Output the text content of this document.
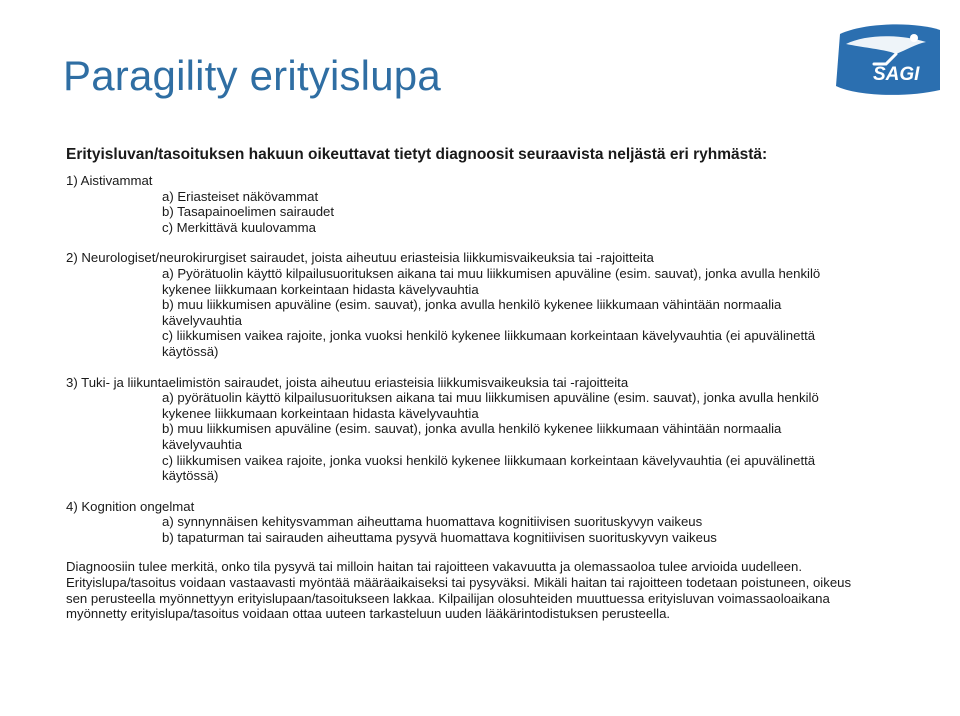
Paragility erityislupa	SAGI
Erityisluvan/tasoituksen hakuun oikeuttavat tietyt diagnoosit seuraavista neljästä eri ryhmästä:
1) Aistivammat
a) Eriasteiset näkövammat
b) Tasapainoelimen sairaudet
c) Merkittävä kuulovamma
2) Neurologiset/neurokirurgiset sairaudet, joista aiheutuu eriasteisia liikkumisvaikeuksia tai -rajoitteita
a) Pyörätuolin käyttö kilpailusuorituksen aikana tai muu liikkumisen apuväline (esim. sauvat), jonka avulla henkilö kykenee liikkumaan korkeintaan hidasta kävelyvauhtia
b) muu liikkumisen apuväline (esim. sauvat), jonka avulla henkilö kykenee liikkumaan vähintään normaalia kävelyvauhtia
c) liikkumisen vaikea rajoite, jonka vuoksi henkilö kykenee liikkumaan korkeintaan kävelyvauhtia (ei apuvälinettä käytössä)
3) Tuki- ja liikuntaelimistön sairaudet, joista aiheutuu eriasteisia liikkumisvaikeuksia tai -rajoitteita
a) pyörätuolin käyttö kilpailusuorituksen aikana tai muu liikkumisen apuväline (esim. sauvat), jonka avulla henkilö kykenee liikkumaan korkeintaan hidasta kävelyvauhtia
b) muu liikkumisen apuväline (esim. sauvat), jonka avulla henkilö kykenee liikkumaan vähintään normaalia kävelyvauhtia
c) liikkumisen vaikea rajoite, jonka vuoksi henkilö kykenee liikkumaan korkeintaan kävelyvauhtia (ei apuvälinettä käytössä)
4) Kognition ongelmat
a) synnynnäisen kehitysvamman aiheuttama huomattava kognitiivisen suorituskyvyn vaikeus
b) tapaturman tai sairauden aiheuttama pysyvä huomattava kognitiivisen suorituskyvyn vaikeus
Diagnoosiin tulee merkitä, onko tila pysyvä tai milloin haitan tai rajoitteen vakavuutta ja olemassaoloa tulee arvioida uudelleen. Erityislupa/tasoitus voidaan vastaavasti myöntää määräaikaiseksi tai pysyväksi. Mikäli haitan tai rajoitteen todetaan poistuneen, oikeus sen perusteella myönnettyyn erityislupaan/tasoitukseen lakkaa. Kilpailijan olosuhteiden muuttuessa erityisluvan voimassaoloaikana myönnetty erityislupa/tasoitus voidaan ottaa uuteen tarkasteluun uuden lääkärintodistuksen perusteella.
